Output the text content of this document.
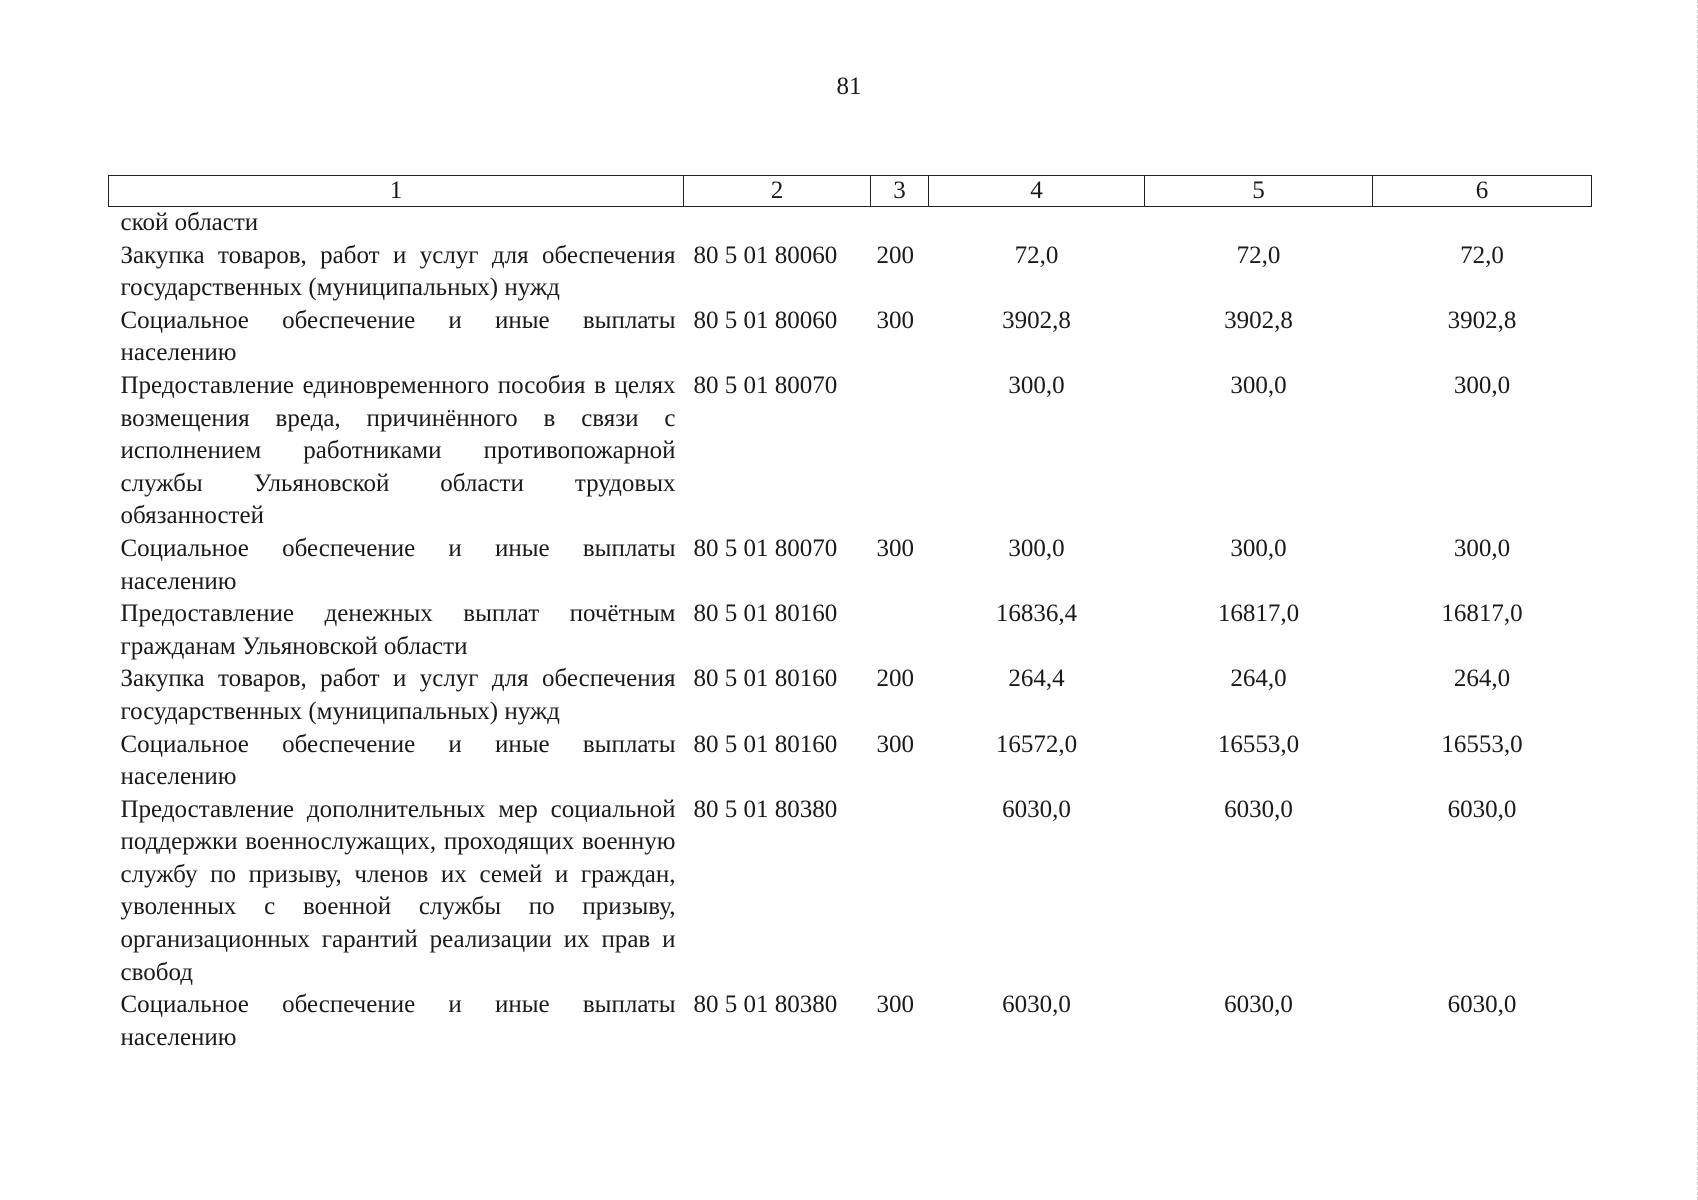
81
1	2	3	4	5	6
ской области					
Закупка товаров, работ и услуг для обеспечения государственных (муниципальных) нужд	80 5 01 80060	200	72,0	72,0	72,0
Социальное обеспечение и иные выплаты населению	80 5 01 80060	300	3902,8	3902,8	3902,8
Предоставление единовременного пособия в целях возмещения вреда, причинённого в связи с исполнением работниками противопожарной службы Ульяновской области трудовых обязанностей	80 5 01 80070		300,0	300,0	300,0
Социальное обеспечение и иные выплаты населению	80 5 01 80070	300	300,0	300,0	300,0
Предоставление денежных выплат почётным гражданам Ульяновской области	80 5 01 80160		16836,4	16817,0	16817,0
Закупка товаров, работ и услуг для обеспечения государственных (муниципальных) нужд	80 5 01 80160	200	264,4	264,0	264,0
Социальное обеспечение и иные выплаты населению	80 5 01 80160	300	16572,0	16553,0	16553,0
Предоставление дополнительных мер социальной поддержки военнослужащих, проходящих военную службу по призыву, членов их семей и граждан, уволенных с военной службы по призыву, организационных гарантий реализации их прав и свобод	80 5 01 80380		6030,0	6030,0	6030,0
Социальное обеспечение и иные выплаты населению	80 5 01 80380	300	6030,0	6030,0	6030,0
